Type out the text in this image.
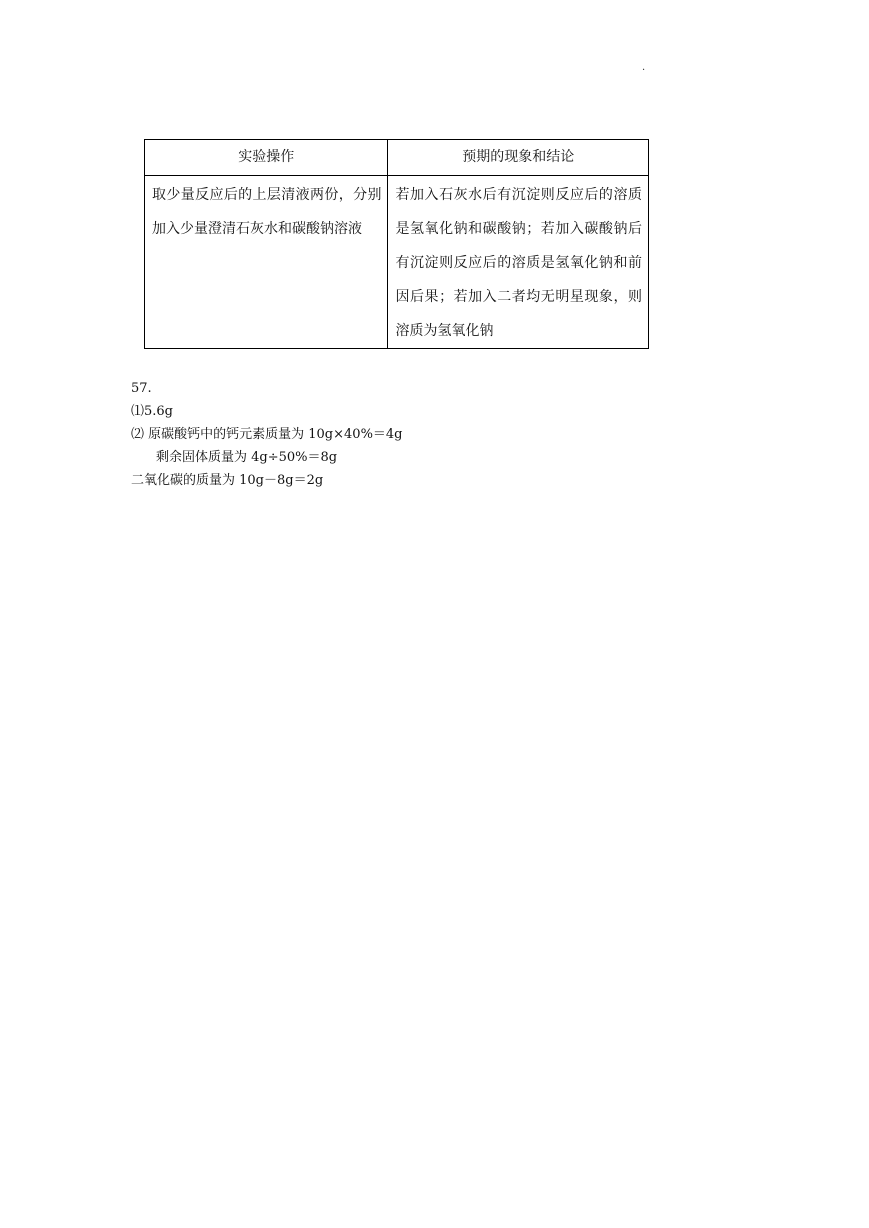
·
实验操作	预期的现象和结论

取少量反应后的上层清液两份，分别加入少量澄清石灰水和碳酸钠溶液	若加入石灰水后有沉淀则反应后的溶质是氢氧化钠和碳酸钠；若加入碳酸钠后有沉淀则反应后的溶质是氢氧化钠和前因后果；若加入二者均无明星现象，则溶质为氢氧化钠
57.
⑴5.6g
⑵ 原碳酸钙中的钙元素质量为 10g×40%＝4g
剩余固体质量为 4g÷50%＝8g
二氧化碳的质量为 10g－8g＝2g
